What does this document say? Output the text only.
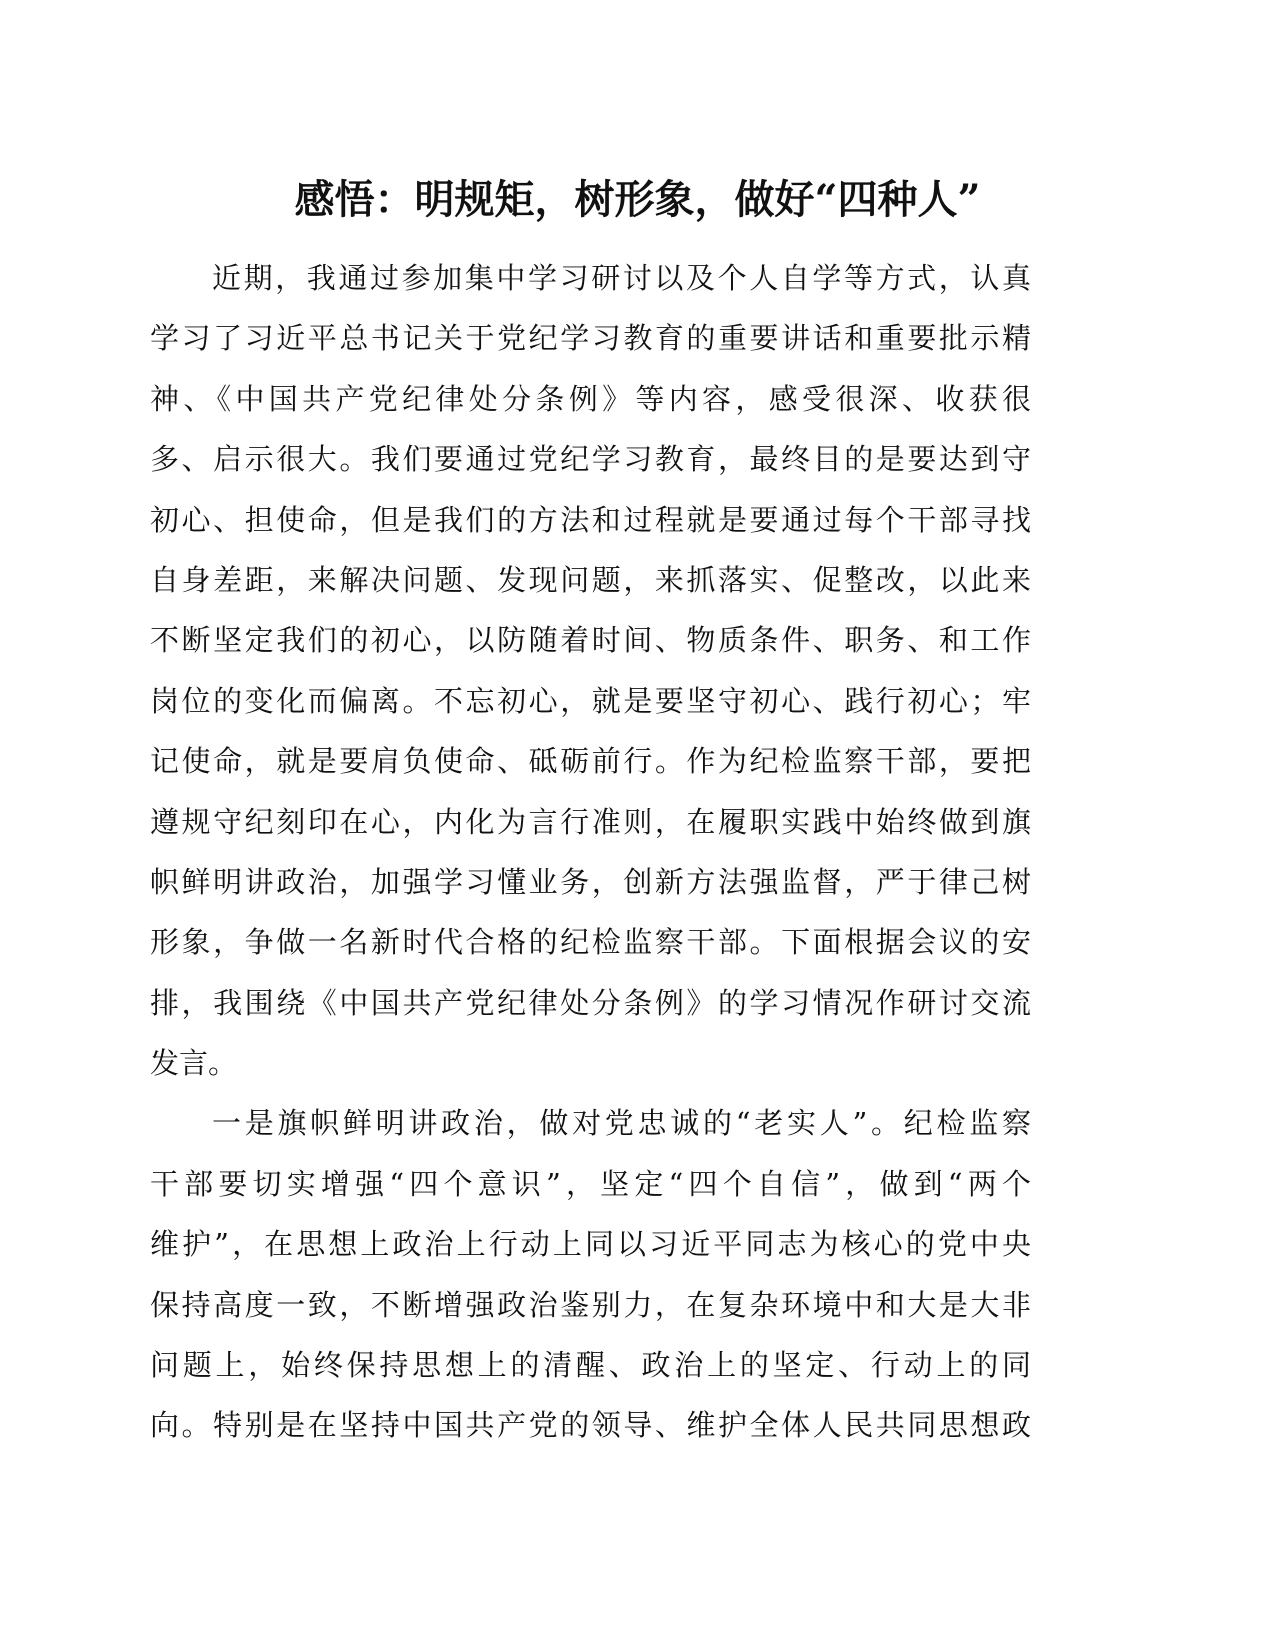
感悟：明规矩，树形象，做好“四种人”
近期，我通过参加集中学习研讨以及个人自学等方式，认真
学习了习近平总书记关于党纪学习教育的重要讲话和重要批示精
神、《中国共产党纪律处分条例》等内容，感受很深、收获很
多、启示很大。我们要通过党纪学习教育，最终目的是要达到守
初心、担使命，但是我们的方法和过程就是要通过每个干部寻找
自身差距，来解决问题、发现问题，来抓落实、促整改，以此来
不断坚定我们的初心，以防随着时间、物质条件、职务、和工作
岗位的变化而偏离。不忘初心，就是要坚守初心、践行初心；牢
记使命，就是要肩负使命、砥砺前行。作为纪检监察干部，要把
遵规守纪刻印在心，内化为言行准则，在履职实践中始终做到旗
帜鲜明讲政治，加强学习懂业务，创新方法强监督，严于律己树
形象，争做一名新时代合格的纪检监察干部。下面根据会议的安
排，我围绕《中国共产党纪律处分条例》的学习情况作研讨交流
发言。
一是旗帜鲜明讲政治，做对党忠诚的“老实人”。纪检监察
干部要切实增强“四个意识”，坚定“四个自信”，做到“两个
维护”，在思想上政治上行动上同以习近平同志为核心的党中央
保持高度一致，不断增强政治鉴别力，在复杂环境中和大是大非
问题上，始终保持思想上的清醒、政治上的坚定、行动上的同
向。特别是在坚持中国共产党的领导、维护全体人民共同思想政
